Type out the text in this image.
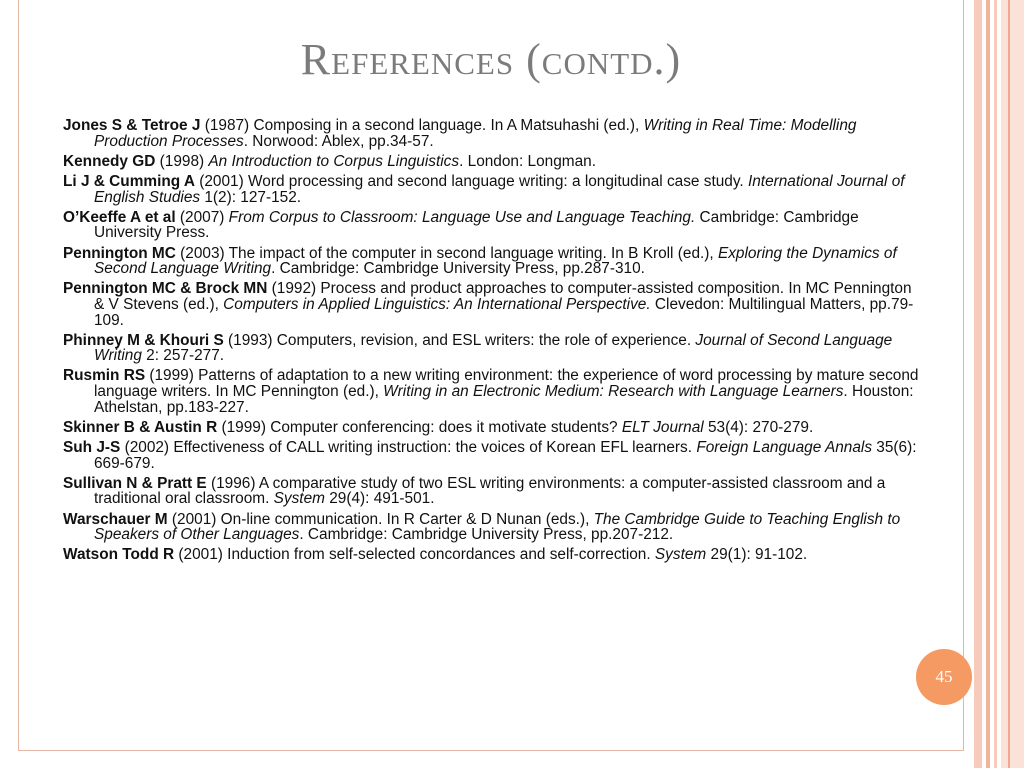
References (contd.)
Jones S & Tetroe J (1987) Composing in a second language. In A Matsuhashi (ed.), Writing in Real Time: Modelling Production Processes. Norwood: Ablex, pp.34-57.
Kennedy GD (1998) An Introduction to Corpus Linguistics. London: Longman.
Li J & Cumming A (2001) Word processing and second language writing: a longitudinal case study. International Journal of English Studies 1(2): 127-152.
O’Keeffe A et al (2007) From Corpus to Classroom: Language Use and Language Teaching. Cambridge: Cambridge University Press.
Pennington MC (2003) The impact of the computer in second language writing. In B Kroll (ed.), Exploring the Dynamics of Second Language Writing. Cambridge: Cambridge University Press, pp.287-310.
Pennington MC & Brock MN (1992) Process and product approaches to computer-assisted composition. In MC Pennington & V Stevens (ed.), Computers in Applied Linguistics: An International Perspective. Clevedon: Multilingual Matters, pp.79-109.
Phinney M & Khouri S (1993) Computers, revision, and ESL writers: the role of experience. Journal of Second Language Writing 2: 257-277.
Rusmin RS (1999) Patterns of adaptation to a new writing environment: the experience of word processing by mature second language writers. In MC Pennington (ed.), Writing in an Electronic Medium: Research with Language Learners. Houston: Athelstan, pp.183-227.
Skinner B & Austin R (1999) Computer conferencing: does it motivate students? ELT Journal 53(4): 270-279.
Suh J-S (2002) Effectiveness of CALL writing instruction: the voices of Korean EFL learners. Foreign Language Annals 35(6): 669-679.
Sullivan N & Pratt E (1996) A comparative study of two ESL writing environments: a computer-assisted classroom and a traditional oral classroom. System 29(4): 491-501.
Warschauer M (2001) On-line communication. In R Carter & D Nunan (eds.), The Cambridge Guide to Teaching English to Speakers of Other Languages. Cambridge: Cambridge University Press, pp.207-212.
Watson Todd R (2001) Induction from self-selected concordances and self-correction. System 29(1): 91-102.
45
